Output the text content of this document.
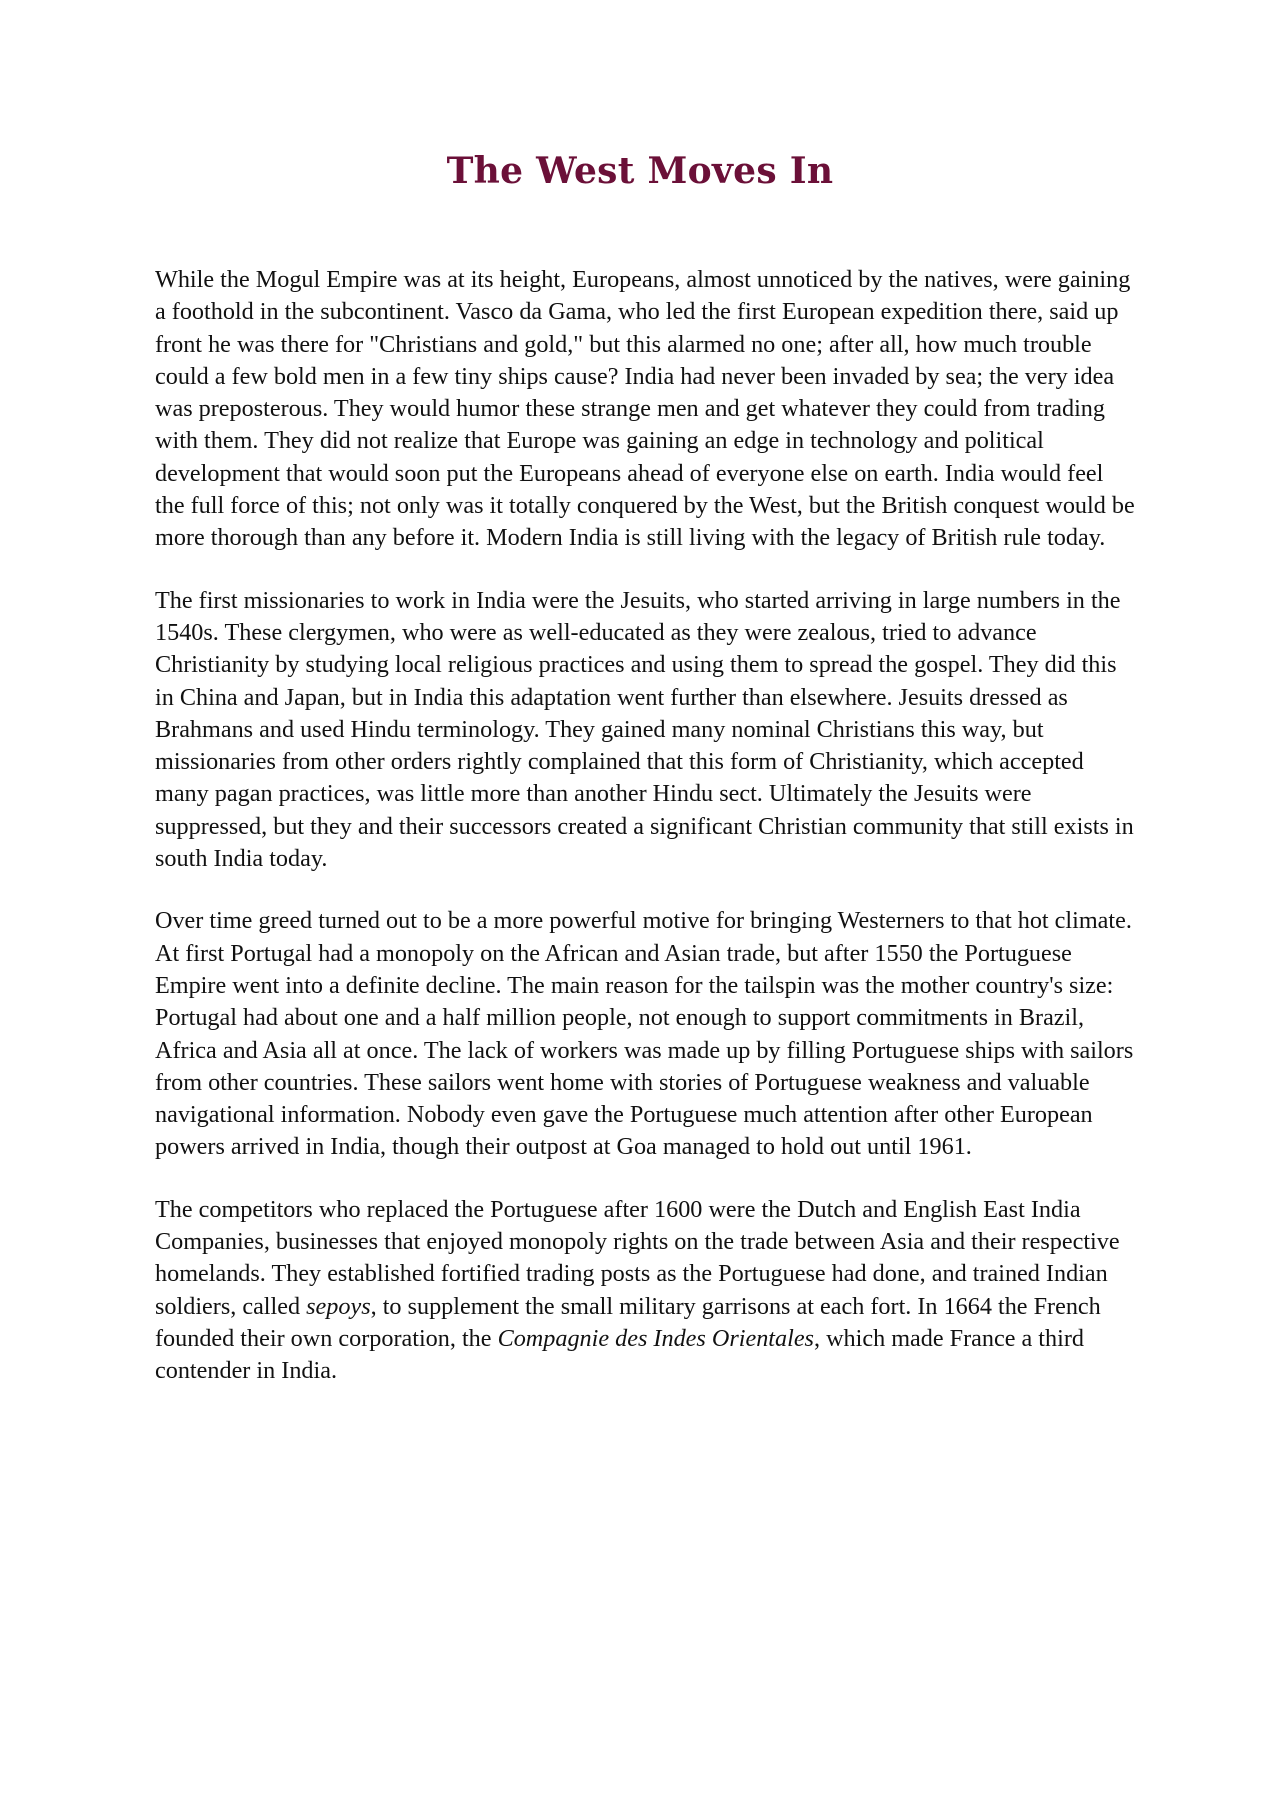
The West Moves In

While the Mogul Empire was at its height, Europeans, almost unnoticed by the natives, were gaining a foothold in the subcontinent. Vasco da Gama, who led the first European expedition there, said up front he was there for "Christians and gold," but this alarmed no one; after all, how much trouble could a few bold men in a few tiny ships cause? India had never been invaded by sea; the very idea was preposterous. They would humor these strange men and get whatever they could from trading with them. They did not realize that Europe was gaining an edge in technology and political development that would soon put the Europeans ahead of everyone else on earth. India would feel the full force of this; not only was it totally conquered by the West, but the British conquest would be more thorough than any before it. Modern India is still living with the legacy of British rule today.

The first missionaries to work in India were the Jesuits, who started arriving in large numbers in the 1540s. These clergymen, who were as well-educated as they were zealous, tried to advance Christianity by studying local religious practices and using them to spread the gospel. They did this in China and Japan, but in India this adaptation went further than elsewhere. Jesuits dressed as Brahmans and used Hindu terminology. They gained many nominal Christians this way, but missionaries from other orders rightly complained that this form of Christianity, which accepted many pagan practices, was little more than another Hindu sect. Ultimately the Jesuits were suppressed, but they and their successors created a significant Christian community that still exists in south India today.

Over time greed turned out to be a more powerful motive for bringing Westerners to that hot climate. At first Portugal had a monopoly on the African and Asian trade, but after 1550 the Portuguese Empire went into a definite decline. The main reason for the tailspin was the mother country's size: Portugal had about one and a half million people, not enough to support commitments in Brazil, Africa and Asia all at once. The lack of workers was made up by filling Portuguese ships with sailors from other countries. These sailors went home with stories of Portuguese weakness and valuable navigational information. Nobody even gave the Portuguese much attention after other European powers arrived in India, though their outpost at Goa managed to hold out until 1961.

The competitors who replaced the Portuguese after 1600 were the Dutch and English East India Companies, businesses that enjoyed monopoly rights on the trade between Asia and their respective homelands. They established fortified trading posts as the Portuguese had done, and trained Indian soldiers, called sepoys, to supplement the small military garrisons at each fort. In 1664 the French founded their own corporation, the Compagnie des Indes Orientales, which made France a third contender in India.
